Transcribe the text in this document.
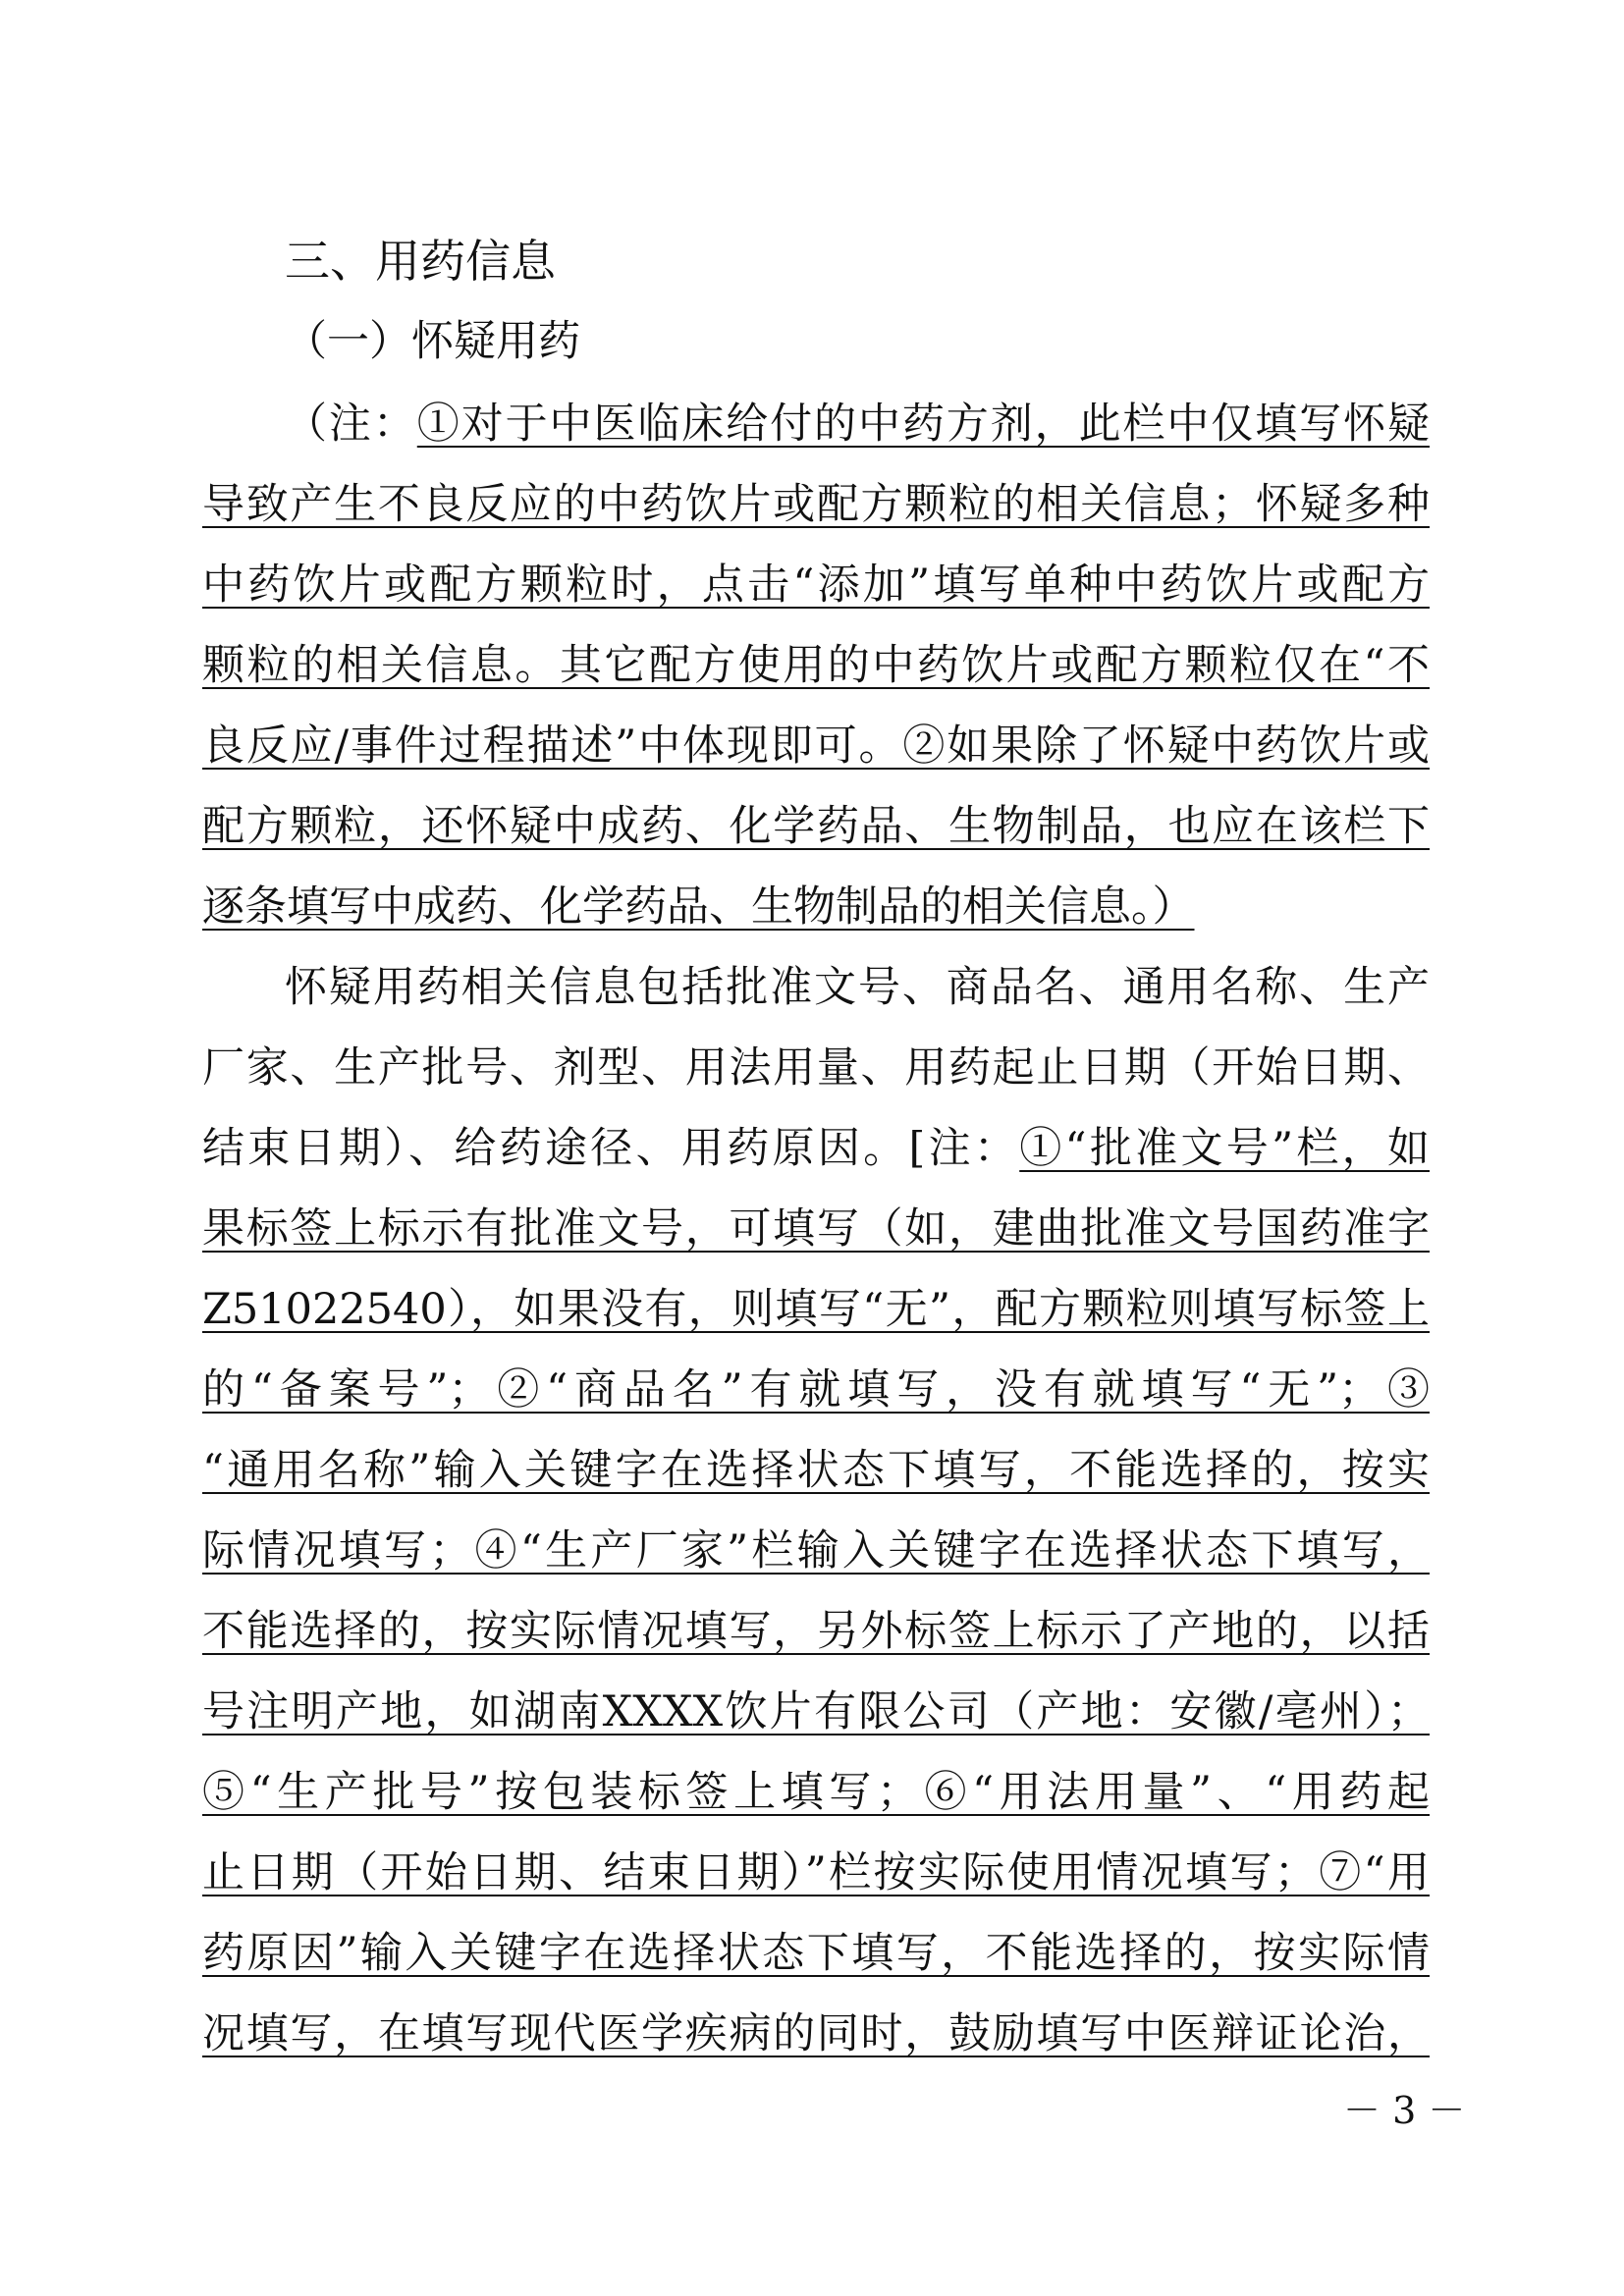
三、用药信息
（一）怀疑用药
（注：①对于中医临床给付的中药方剂，此栏中仅填写怀疑
导致产生不良反应的中药饮片或配方颗粒的相关信息；怀疑多种
中药饮片或配方颗粒时，点击“添加”填写单种中药饮片或配方
颗粒的相关信息。其它配方使用的中药饮片或配方颗粒仅在“不
良反应/事件过程描述”中体现即可。②如果除了怀疑中药饮片或
配方颗粒，还怀疑中成药、化学药品、生物制品，也应在该栏下
逐条填写中成药、化学药品、生物制品的相关信息。）
怀疑用药相关信息包括批准文号、商品名、通用名称、生产
厂家、生产批号、剂型、用法用量、用药起止日期（开始日期、
结束日期）、给药途径、用药原因。[注：①“批准文号”栏，如
果标签上标示有批准文号，可填写（如，建曲批准文号国药准字
Z51022540），如果没有，则填写“无”，配方颗粒则填写标签上
的“备案号”；②“商品名”有就填写，没有就填写“无”；③
“通用名称”输入关键字在选择状态下填写，不能选择的，按实
际情况填写；④“生产厂家”栏输入关键字在选择状态下填写，
不能选择的，按实际情况填写，另外标签上标示了产地的，以括
号注明产地，如湖南XXXX饮片有限公司（产地：安徽/亳州）；
⑤“生产批号”按包装标签上填写；⑥“用法用量”、“用药起
止日期（开始日期、结束日期）”栏按实际使用情况填写；⑦“用
药原因”输入关键字在选择状态下填写，不能选择的，按实际情
况填写，在填写现代医学疾病的同时，鼓励填写中医辩证论治，
－ 3 －
